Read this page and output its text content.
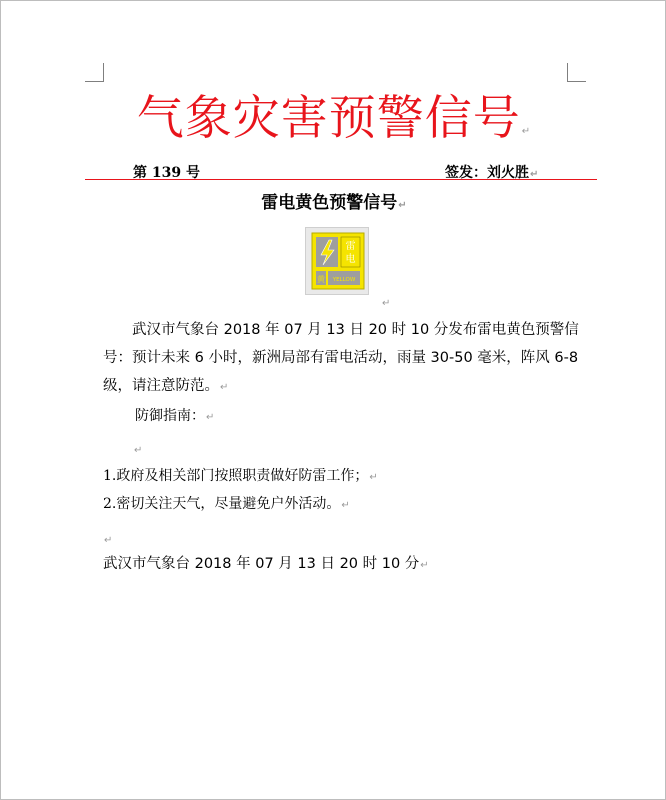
气象灾害预警信号↵
第 139 号	签发：刘火胜↵
雷电黄色预警信号↵
雷
电
黄 YELLOW
↵
武汉市气象台 2018 年 07 月 13 日 20 时 10 分发布雷电黄色预警信号：预计未来 6 小时，新洲局部有雷电活动，雨量 30-50 毫米，阵风 6-8 级，请注意防范。↵
防御指南：↵
↵
1.政府及相关部门按照职责做好防雷工作；↵
2.密切关注天气，尽量避免户外活动。↵
↵
武汉市气象台 2018 年 07 月 13 日 20 时 10 分↵
